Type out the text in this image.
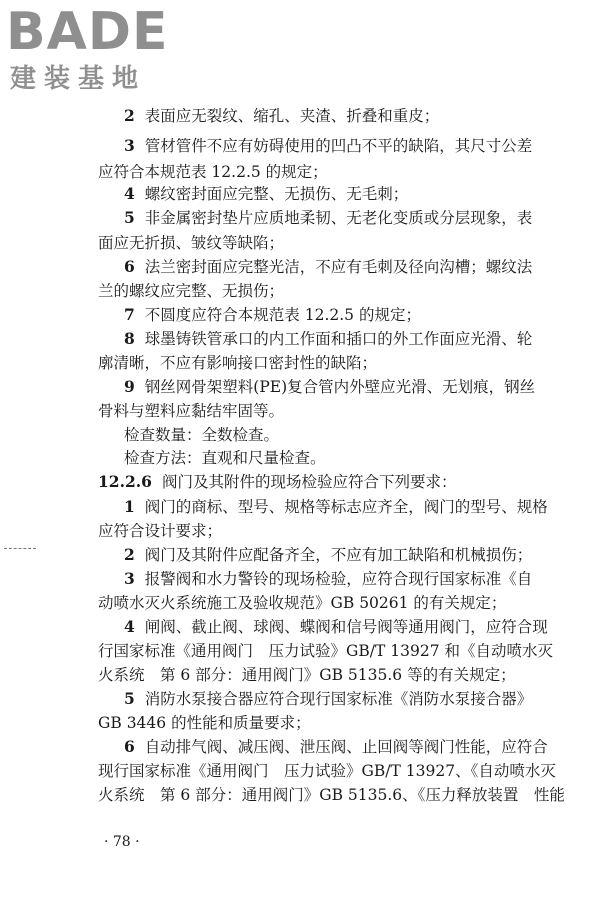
BADE
建装基地
2 表面应无裂纹、缩孔、夹渣、折叠和重皮；
3 管材管件不应有妨碍使用的凹凸不平的缺陷，其尺寸公差
应符合本规范表 12.2.5 的规定；
4 螺纹密封面应完整、无损伤、无毛刺；
5 非金属密封垫片应质地柔韧、无老化变质或分层现象，表
面应无折损、皱纹等缺陷；
6 法兰密封面应完整光洁，不应有毛刺及径向沟槽；螺纹法
兰的螺纹应完整、无损伤；
7 不圆度应符合本规范表 12.2.5 的规定；
8 球墨铸铁管承口的内工作面和插口的外工作面应光滑、轮
廓清晰，不应有影响接口密封性的缺陷；
9 钢丝网骨架塑料(PE)复合管内外壁应光滑、无划痕，钢丝
骨料与塑料应黏结牢固等。
检查数量：全数检查。
检查方法：直观和尺量检查。
12.2.6 阀门及其附件的现场检验应符合下列要求：
1 阀门的商标、型号、规格等标志应齐全，阀门的型号、规格
应符合设计要求；
2 阀门及其附件应配备齐全，不应有加工缺陷和机械损伤；
3 报警阀和水力警铃的现场检验，应符合现行国家标准《自
动喷水灭火系统施工及验收规范》GB 50261 的有关规定；
4 闸阀、截止阀、球阀、蝶阀和信号阀等通用阀门，应符合现
行国家标准《通用阀门　压力试验》GB/T 13927 和《自动喷水灭
火系统　第 6 部分：通用阀门》GB 5135.6 等的有关规定；
5 消防水泵接合器应符合现行国家标准《消防水泵接合器》
GB 3446 的性能和质量要求；
6 自动排气阀、减压阀、泄压阀、止回阀等阀门性能，应符合
现行国家标准《通用阀门　压力试验》GB/T 13927、《自动喷水灭
火系统　第 6 部分：通用阀门》GB 5135.6、《压力释放装置　性能
· 78 ·
